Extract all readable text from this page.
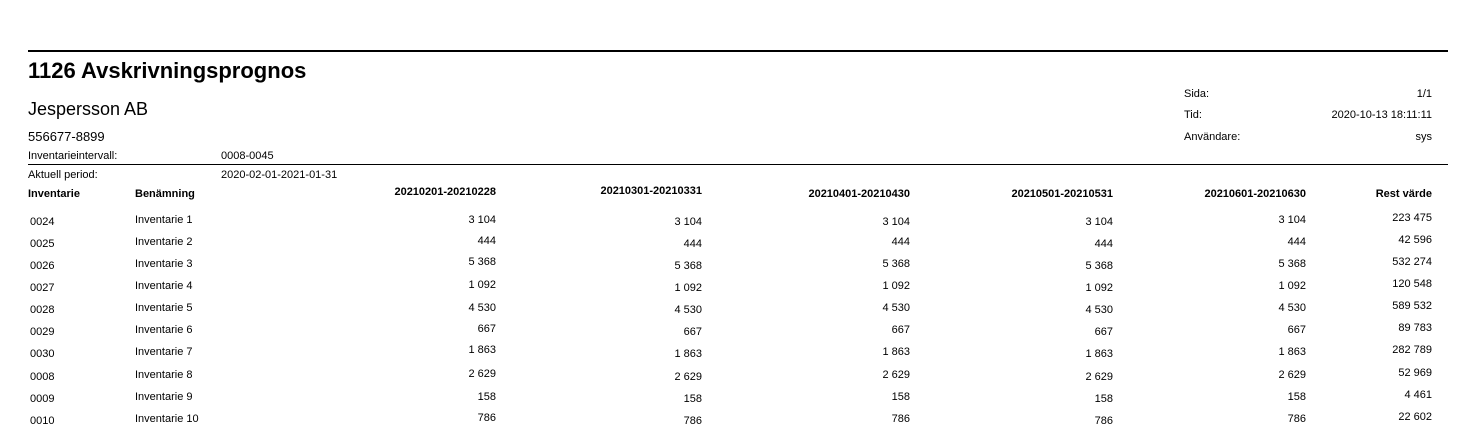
1126 Avskrivningsprognos
Jespersson AB
556677-8899
Inventarieintervall:	0008-0045
Aktuell period:	2020-02-01-2021-01-31
Sida:	1/1
Tid:	2020-10-13 18:11:11
Användare:	sys
Inventarie	Benämning	20210201-20210228	20210301-20210331	20210401-20210430	20210501-20210531	20210601-20210630	Rest värde
0024	Inventarie 1	3 104	3 104	3 104	3 104	3 104	223 475
0025	Inventarie 2	444	444	444	444	444	42 596
0026	Inventarie 3	5 368	5 368	5 368	5 368	5 368	532 274
0027	Inventarie 4	1 092	1 092	1 092	1 092	1 092	120 548
0028	Inventarie 5	4 530	4 530	4 530	4 530	4 530	589 532
0029	Inventarie 6	667	667	667	667	667	89 783
0030	Inventarie 7	1 863	1 863	1 863	1 863	1 863	282 789
0008	Inventarie 8	2 629	2 629	2 629	2 629	2 629	52 969
0009	Inventarie 9	158	158	158	158	158	4 461
0010	Inventarie 10	786	786	786	786	786	22 602
